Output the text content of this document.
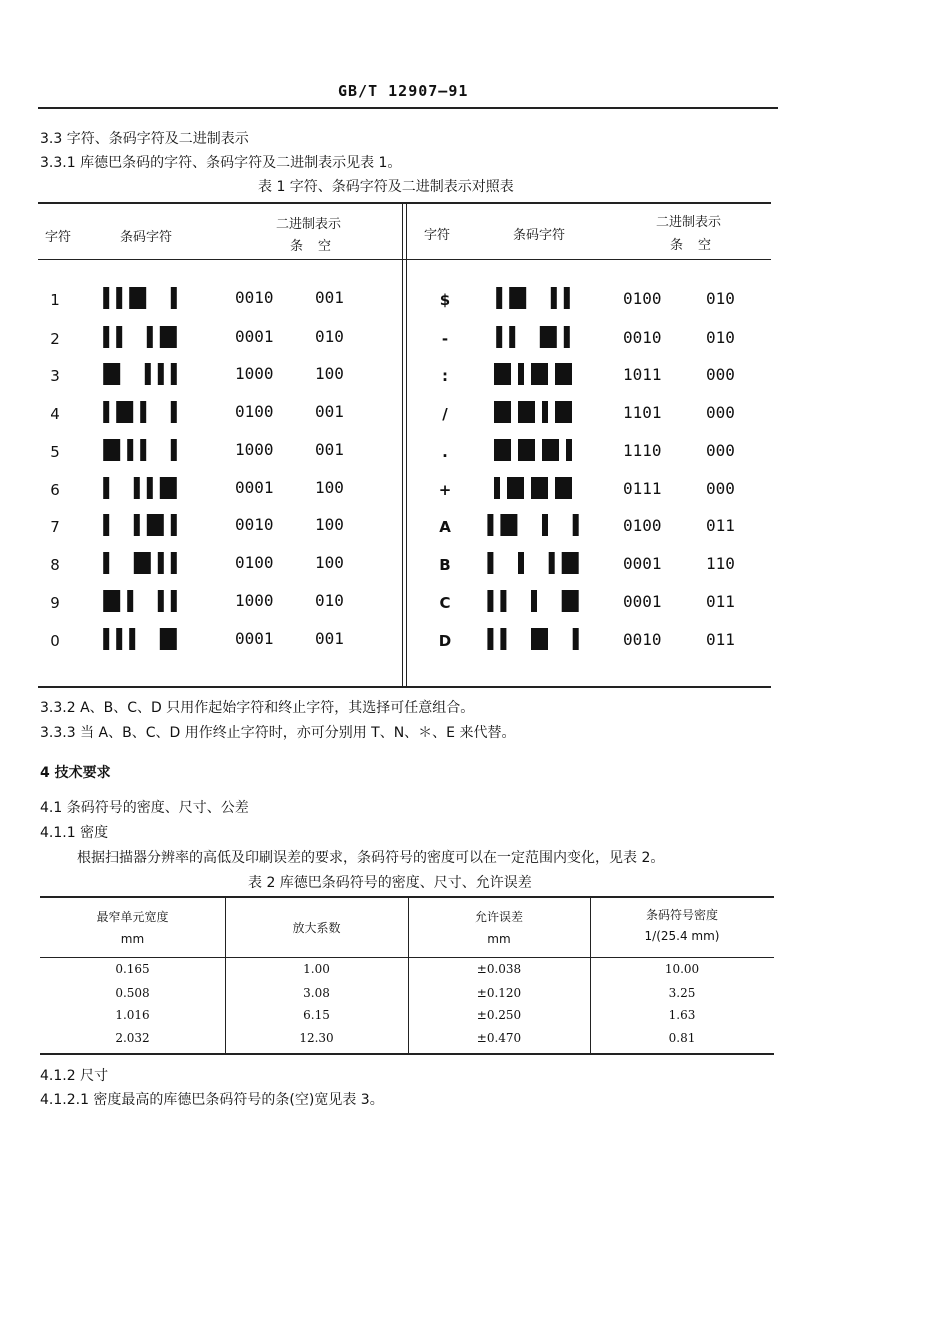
GB/T 12907—91
3.3 字符、条码字符及二进制表示
3.3.1 库德巴条码的字符、条码字符及二进制表示见表 1。
表 1 字符、条码字符及二进制表示对照表
字符	条码字符
二进制表示
条 空
字符	条码字符
二进制表示
条 空
1	0010	001
2	0001	010
3	1000	100
4	0100	001
5	1000	001
6	0001	100
7	0010	100
8	0100	100
9	1000	010
0	0001	001
$	0100	010
-	0010	010
:	1011	000
/	1101	000
.	1110	000
+	0111	000
A	0100	011
B	0001	110
C	0001	011
D	0010	011
3.3.2 A、B、C、D 只用作起始字符和终止字符，其选择可任意组合。
3.3.3 当 A、B、C、D 用作终止字符时，亦可分别用 T、N、＊、E 来代替。
4 技术要求
4.1 条码符号的密度、尺寸、公差
4.1.1 密度
根据扫描器分辨率的高低及印刷误差的要求，条码符号的密度可以在一定范围内变化，见表 2。
表 2 库德巴条码符号的密度、尺寸、允许误差
最窄单元宽度
mm
放大系数
允许误差
mm
条码符号密度
1/(25.4 mm)
0.165	1.00	±0.038	10.00
0.508	3.08	±0.120	3.25
1.016	6.15	±0.250	1.63
2.032	12.30	±0.470	0.81
4.1.2 尺寸
4.1.2.1 密度最高的库德巴条码符号的条(空)宽见表 3。
